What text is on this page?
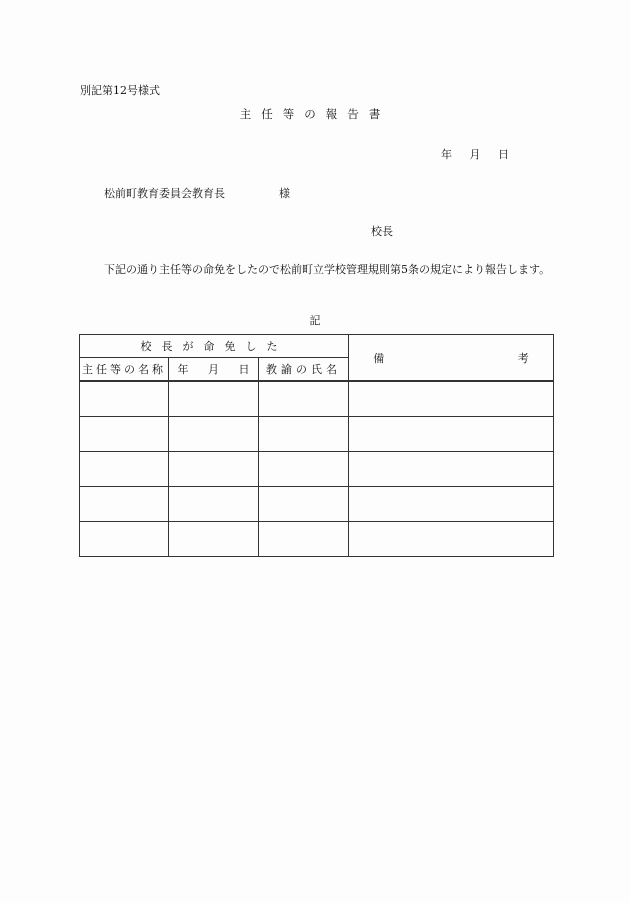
別記第12号様式
主任等の報告書
年 月 日
松前町教育委員会教育長	様
校長
下記の通り主任等の命免をしたので松前町立学校管理規則第5条の規定により報告します。
記
校長が命免した			備 考
主任等の名称	年 月 日	教諭の氏名	
